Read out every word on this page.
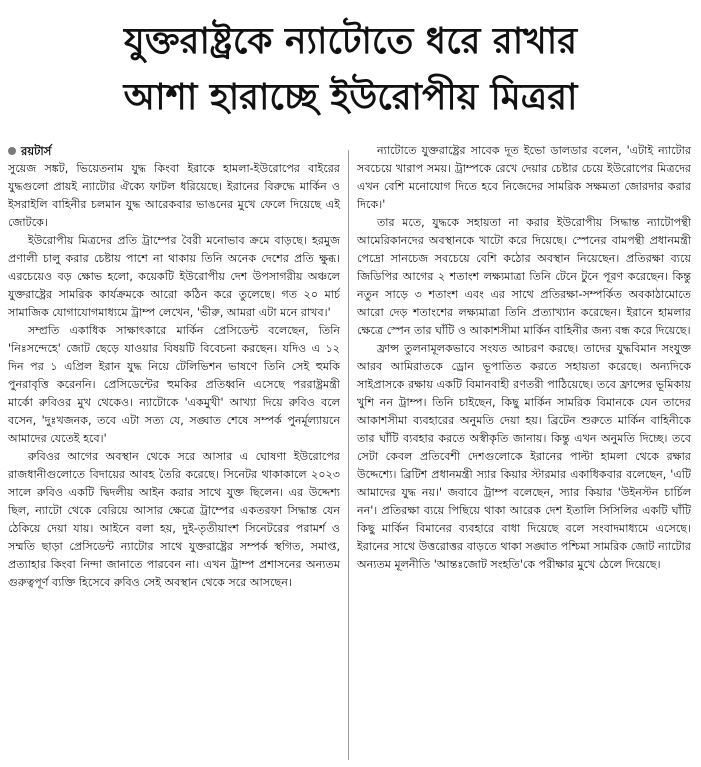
যুক্তরাষ্ট্রকে ন্যাটোতে ধরে রাখার
আশা হারাচ্ছে ইউরোপীয় মিত্ররা
রয়টার্স

সুয়েজ সঙ্কট, ভিয়েতনাম যুদ্ধ কিংবা ইরাকে হামলা-ইউরোপের বাইরের যুদ্ধগুলো প্রায়ই ন্যাটোর ঐক্যে ফাটল ধরিয়েছে। ইরানের বিরুদ্ধে মার্কিন ও ইসরাইলি বাহিনীর চলমান যুদ্ধ আরেকবার ভাঙনের মুখে ফেলে দিয়েছে এই জোটকে।

ইউরোপীয় মিত্রদের প্রতি ট্রাম্পের বৈরী মনোভাব ক্রমে বাড়ছে। হরমুজ প্রণালী চালু করার চেষ্টায় পাশে না থাকায় তিনি অনেক দেশের প্রতি ক্ষুব্ধ। এরচেয়েও বড় ক্ষোভ হলো, কয়েকটি ইউরোপীয় দেশ উপসাগরীয় অঞ্চলে যুক্তরাষ্ট্রের সামরিক কার্যক্রমকে আরো কঠিন করে তুলেছে। গত ২০ মার্চ সামাজিক যোগাযোগমাধ্যমে ট্রাম্প লেখেন, 'ভীরু, আমরা এটা মনে রাখব।'

সম্প্রতি একাধিক সাক্ষাৎকারে মার্কিন প্রেসিডেন্ট বলেছেন, তিনি 'নিঃসন্দেহে' জোট ছেড়ে যাওয়ার বিষয়টি বিবেচনা করছেন। যদিও এ ১২ দিন পর ১ এপ্রিল ইরান যুদ্ধ নিয়ে টেলিভিশন ভাষণে তিনি সেই হুমকি পুনরাবৃত্তি করেননি। প্রেসিডেন্টের হুমকির প্রতিধ্বনি এসেছে পররাষ্ট্রমন্ত্রী মার্কো রুবিওর মুখ থেকেও। ন্যাটোকে 'একমুখী' আখ্যা দিয়ে রুবিও বলে বসেন, 'দুঃখজনক, তবে এটা সত্য যে, সঙ্ঘাত শেষে সম্পর্ক পুনর্মূল্যায়নে আমাদের যেতেই হবে।'

রুবিওর আগের অবস্থান থেকে সরে আসার এ ঘোষণা ইউরোপের রাজধানীগুলোতে বিদায়ের আবহ তৈরি করেছে। সিনেটর থাকাকালে ২০২৩ সালে রুবিও একটি দ্বিদলীয় আইন করার সাথে যুক্ত ছিলেন। এর উদ্দেশ্য ছিল, ন্যাটো থেকে বেরিয়ে আসার ক্ষেত্রে ট্রাম্পের একতরফা সিদ্ধান্ত যেন ঠেকিয়ে দেয়া যায়। আইনে বলা হয়, দুই-তৃতীয়াংশ সিনেটরের পরামর্শ ও সম্মতি ছাড়া প্রেসিডেন্ট ন্যাটোর সাথে যুক্তরাষ্ট্রের সম্পর্ক স্থগিত, সমাপ্ত, প্রত্যাহার কিংবা নিন্দা জানাতে পারবেন না। এখন ট্রাম্প প্রশাসনের অন্যতম গুরুত্বপূর্ণ ব্যক্তি হিসেবে রুবিও সেই অবস্থান থেকে সরে আসছেন।

ন্যাটোতে যুক্তরাষ্ট্রের সাবেক দূত ইভো ডালডার বলেন, 'এটাই ন্যাটোর সবচেয়ে খারাপ সময়। ট্রাম্পকে রেখে দেয়ার চেষ্টার চেয়ে ইউরোপের মিত্রদের এখন বেশি মনোযোগ দিতে হবে নিজেদের সামরিক সক্ষমতা জোরদার করার দিকে।'

তার মতে, যুদ্ধকে সহায়তা না করার ইউরোপীয় সিদ্ধান্ত ন্যাটোপন্থী আমেরিকানদের অবস্থানকে খাটো করে দিয়েছে। স্পেনের বামপন্থী প্রধানমন্ত্রী পেদ্রো সানচেজ সবচেয়ে বেশি কঠোর অবস্থান নিয়েছেন। প্রতিরক্ষা ব্যয়ে জিডিপির আগের ২ শতাংশ লক্ষ্যমাত্রা তিনি টেনে টুনে পূরণ করেছেন। কিন্তু নতুন সাড়ে ৩ শতাংশ এবং এর সাথে প্রতিরক্ষা-সম্পর্কিত অবকাঠামোতে আরো দেড় শতাংশের লক্ষ্যমাত্রা তিনি প্রত্যাখ্যান করেছেন। ইরানে হামলার ক্ষেত্রে স্পেন তার ঘাঁটি ও আকাশসীমা মার্কিন বাহিনীর জন্য বন্ধ করে দিয়েছে।

ফ্রান্স তুলনামূলকভাবে সংযত আচরণ করছে। তাদের যুদ্ধবিমান সংযুক্ত আরব আমিরাতকে ড্রোন ভূপাতিত করতে সহায়তা করেছে। অন্যদিকে সাইপ্রাসকে রক্ষায় একটি বিমানবাহী রণতরী পাঠিয়েছে। তবে ফ্রান্সের ভূমিকায় খুশি নন ট্রাম্প। তিনি চাইছেন, কিছু মার্কিন সামরিক বিমানকে যেন তাদের আকাশসীমা ব্যবহারের অনুমতি দেয়া হয়। ব্রিটেন শুরুতে মার্কিন বাহিনীকে তার ঘাঁটি ব্যবহার করতে অস্বীকৃতি জানায়। কিন্তু এখন অনুমতি দিচ্ছে। তবে সেটা কেবল প্রতিবেশী দেশগুলোকে ইরানের পাল্টা হামলা থেকে রক্ষার উদ্দেশ্যে। ব্রিটিশ প্রধানমন্ত্রী স্যার কিয়ার স্টারমার একাধিকবার বলেছেন, 'এটি আমাদের যুদ্ধ নয়।' জবাবে ট্রাম্প বলেছেন, স্যার কিয়ার 'উইনস্টন চার্চিল নন'। প্রতিরক্ষা ব্যয়ে পিছিয়ে থাকা আরেক দেশ ইতালি সিসিলির একটি ঘাঁটি কিছু মার্কিন বিমানের ব্যবহারে বাধা দিয়েছে বলে সংবাদমাধ্যমে এসেছে। ইরানের সাথে উত্তরোত্তর বাড়তে থাকা সঙ্ঘাত পশ্চিমা সামরিক জোট ন্যাটোর অন্যতম মূলনীতি 'আন্তঃজোট সংহতি'কে পরীক্ষার মুখে ঠেলে দিয়েছে।
